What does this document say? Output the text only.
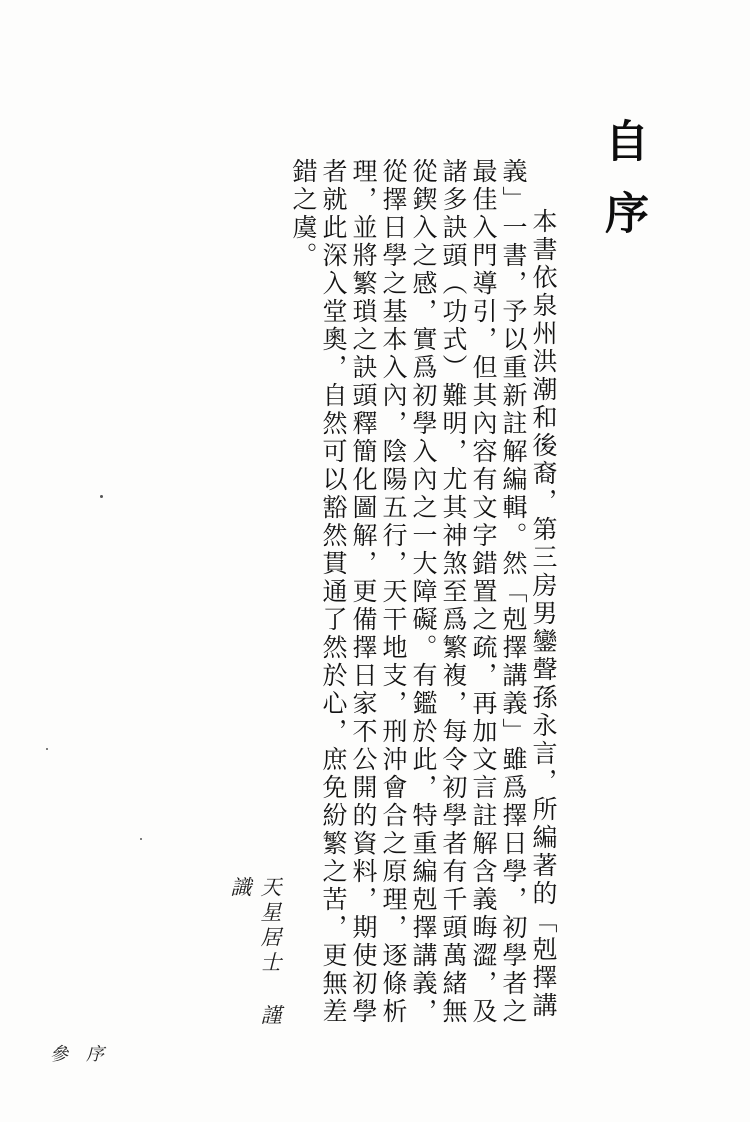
自序

本書依泉州洪潮和後裔，第三房男鑾聲孫永言，所編著的「剋擇講義」一書，予以重新註解編輯。然「剋擇講義」雖爲擇日學，初學者之最佳入門導引，但其內容有文字錯置之疏，再加文言註解含義晦澀，及諸多訣頭（功式）難明，尤其神煞至爲繁複，每令初學者有千頭萬緒無從鍥入之感，實爲初學入內之一大障礙。有鑑於此，特重編剋擇講義，從擇日學之基本入內，陰陽五行，天干地支，刑沖會合之原理，逐條析理，並將繁瑣之訣頭釋簡化圖解，更備擇日家不公開的資料，期使初學者就此深入堂奧，自然可以豁然貫通了然於心，庶免紛繁之苦，更無差錯之虞。

天星居士謹識
參序
